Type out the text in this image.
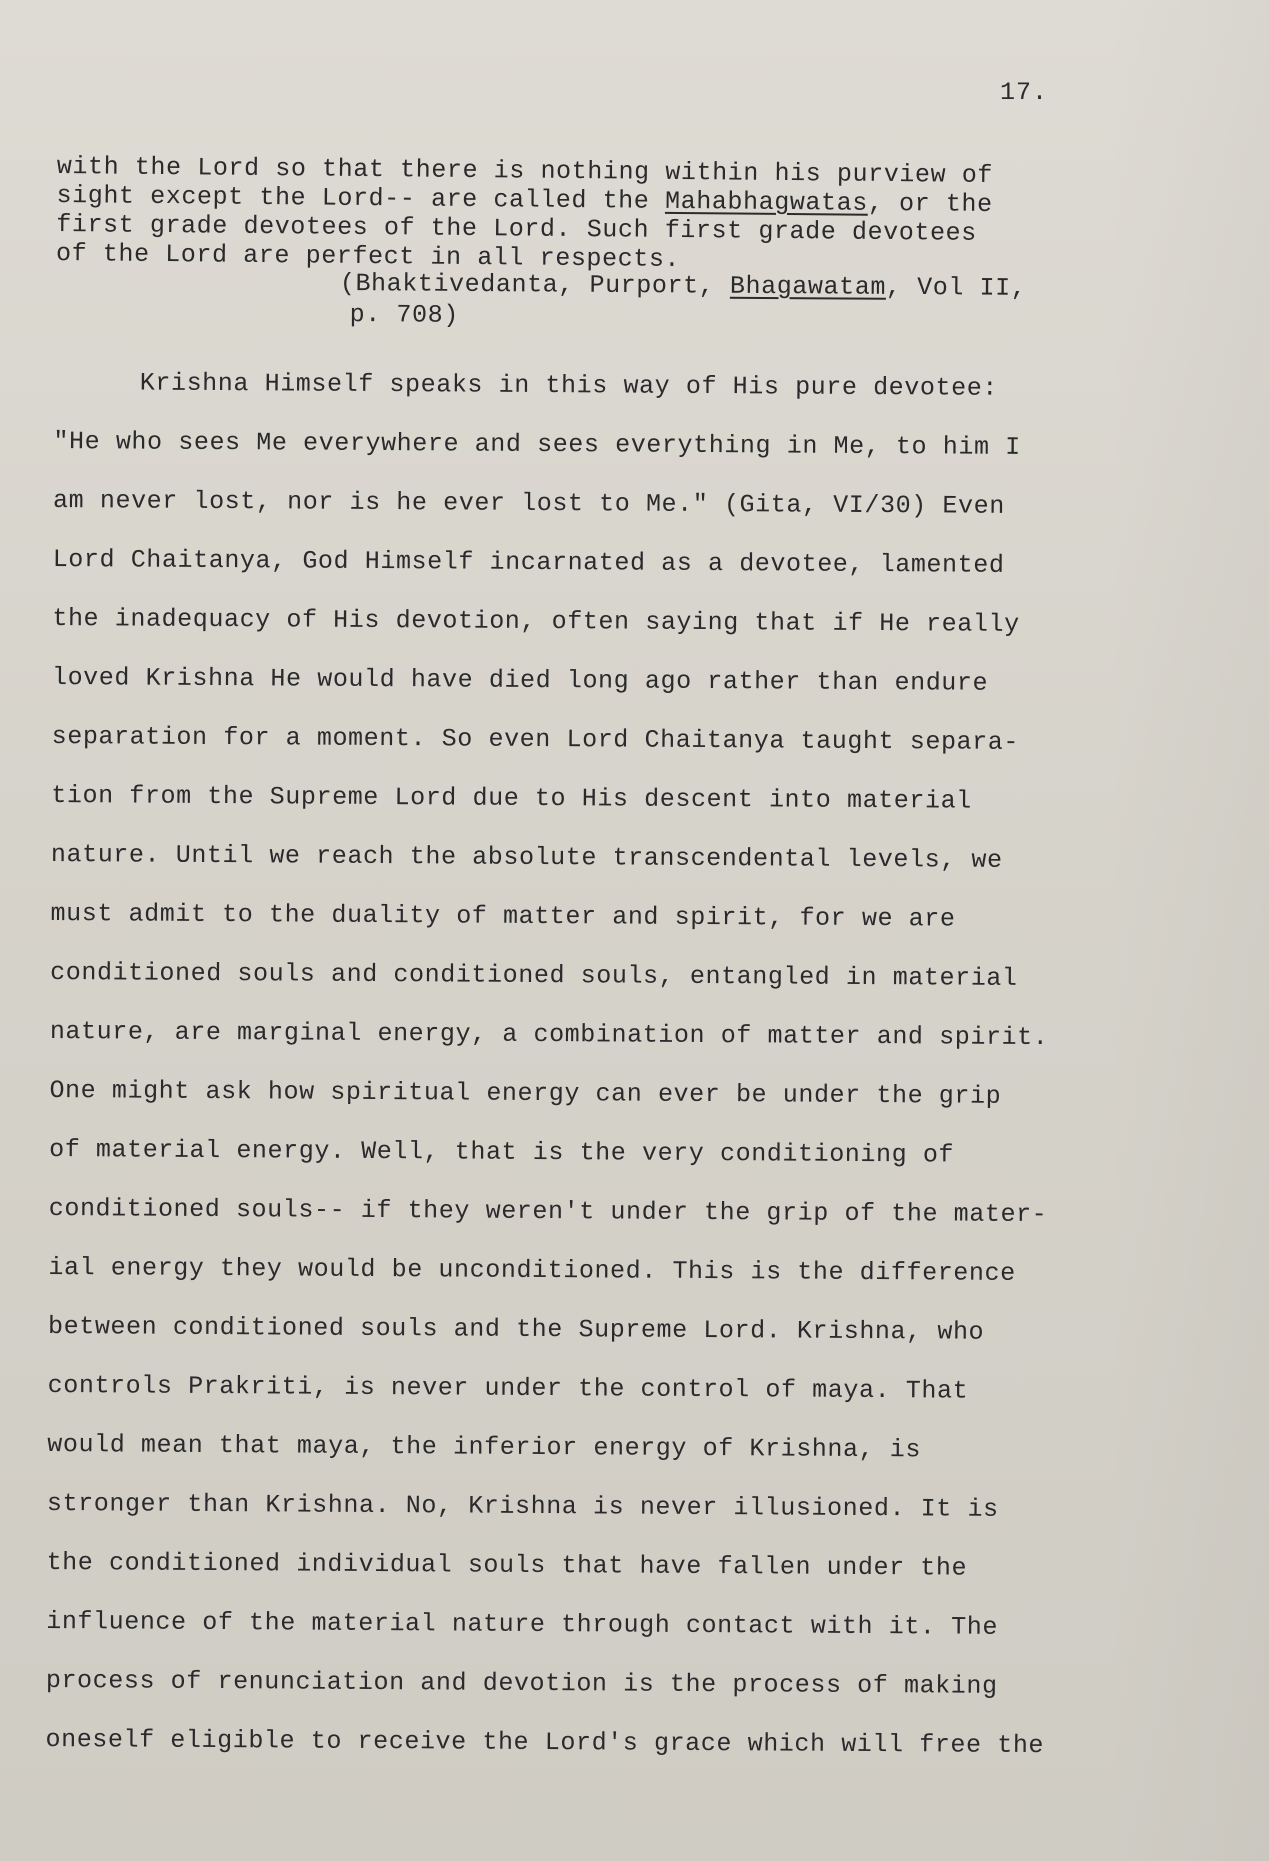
17.

with the Lord so that there is nothing within his purview of
sight except the Lord-- are called the Mahabhagwatas, or the
first grade devotees of the Lord. Such first grade devotees
of the Lord are perfect in all respects.
(Bhaktivedanta, Purport, Bhagawatam, Vol II,
p. 708)
Krishna Himself speaks in this way of His pure devotee:
"He who sees Me everywhere and sees everything in Me, to him I
am never lost, nor is he ever lost to Me." (Gita, VI/30) Even
Lord Chaitanya, God Himself incarnated as a devotee, lamented
the inadequacy of His devotion, often saying that if He really
loved Krishna He would have died long ago rather than endure
separation for a moment. So even Lord Chaitanya taught separa-
tion from the Supreme Lord due to His descent into material
nature. Until we reach the absolute transcendental levels, we
must admit to the duality of matter and spirit, for we are
conditioned souls and conditioned souls, entangled in material
nature, are marginal energy, a combination of matter and spirit.
One might ask how spiritual energy can ever be under the grip
of material energy. Well, that is the very conditioning of
conditioned souls-- if they weren't under the grip of the mater-
ial energy they would be unconditioned. This is the difference
between conditioned souls and the Supreme Lord. Krishna, who
controls Prakriti, is never under the control of maya. That
would mean that maya, the inferior energy of Krishna, is
stronger than Krishna. No, Krishna is never illusioned. It is
the conditioned individual souls that have fallen under the
influence of the material nature through contact with it. The
process of renunciation and devotion is the process of making
oneself eligible to receive the Lord's grace which will free the
